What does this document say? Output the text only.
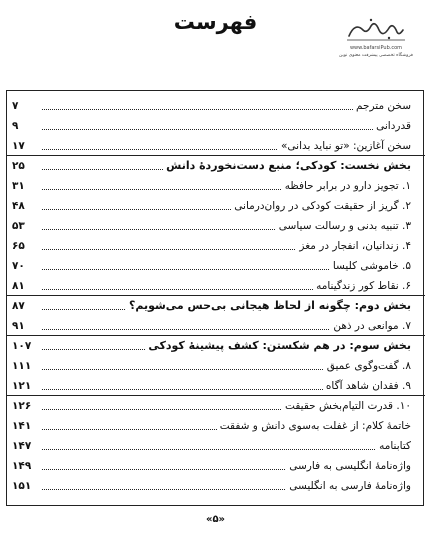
فهرست
www.bafarsiPub.com
فروشگاه تخصصی پیشرفت معنوی نوین
سخن مترجم
۷
قدردانی
۹
سخن آغازین: «تو نباید بدانی»
۱۷
بخش نخست: کودکی؛ منبع دست‌نخوردهٔ دانش
۲۵
۱. تجویز دارو در برابر حافظه
۳۱
۲. گریز از حقیقت کودکی در روان‌درمانی
۴۸
۳. تنبیه بدنی و رسالت سیاسی
۵۳
۴. زندانیان، انفجار در مغز
۶۵
۵. خاموشی کلیسا
۷۰
۶. نقاط کور زندگینامه
۸۱
بخش دوم: چگونه از لحاظ هیجانی بی‌حس می‌شویم؟
۸۷
۷. موانعی در ذهن
۹۱
بخش سوم: در هم شکستن: کشف پیشینهٔ کودکی
۱۰۷
۸. گفت‌وگوی عمیق
۱۱۱
۹. فقدان شاهد آگاه
۱۲۱
۱۰. قدرت التیام‌بخش حقیقت
۱۲۶
خاتمهٔ کلام: از غفلت به‌سوی دانش و شفقت
۱۴۱
کتابنامه
۱۴۷
واژه‌نامهٔ انگلیسی به فارسی
۱۴۹
واژه‌نامهٔ فارسی به انگلیسی
۱۵۱
«۵»
